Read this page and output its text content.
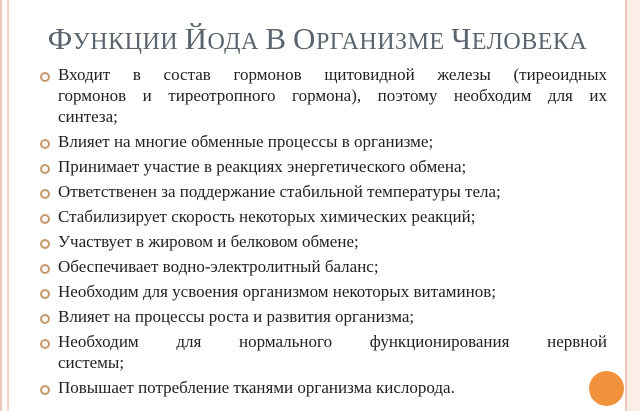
ФУНКЦИИ ЙОДА В ОРГАНИЗМЕ ЧЕЛОВЕКА
Входит в состав гормонов щитовидной железы (тиреоидных
гормонов и тиреотропного гормона), поэтому необходим для их
синтеза;
Влияет на многие обменные процессы в организме;
Принимает участие в реакциях энергетического обмена;
Ответственен за поддержание стабильной температуры тела;
Стабилизирует скорость некоторых химических реакций;
Участвует в жировом и белковом обмене;
Обеспечивает водно-электролитный баланс;
Необходим для усвоения организмом некоторых витаминов;
Влияет на процессы роста и развития организма;
Необходим для нормального функционирования нервной
системы;
Повышает потребление тканями организма кислорода.
